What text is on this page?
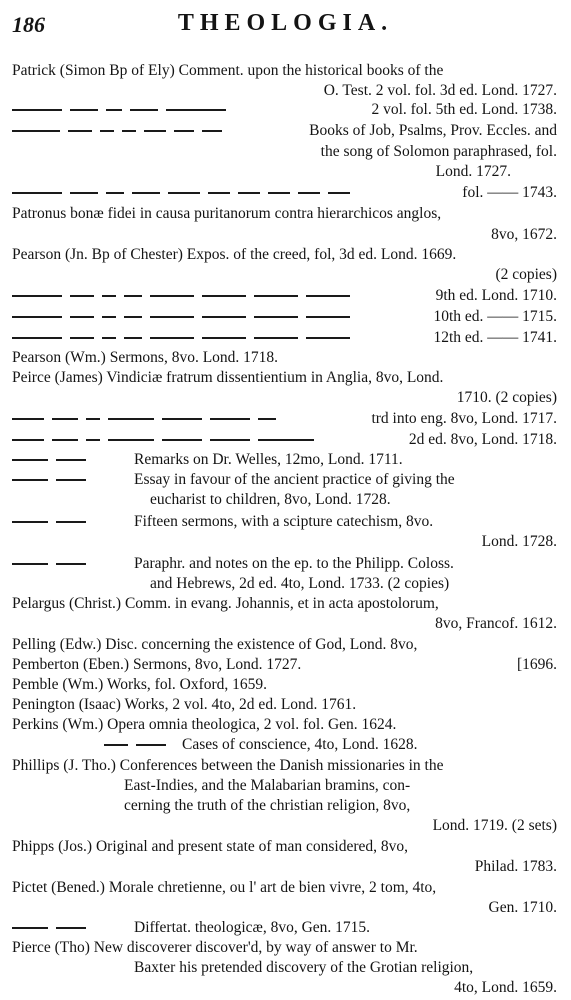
186	THEOLOGIA.
Patrick (Simon Bp of Ely) Comment. upon the historical books of the
O. Test. 2 vol. fol. 3d ed. Lond. 1727.
2 vol. fol. 5th ed. Lond. 1738.
Books of Job, Psalms, Prov. Eccles. and
the song of Solomon paraphrased, fol.
Lond. 1727.
fol. —— 1743.
Patronus bonæ fidei in causa puritanorum contra hierarchicos anglos,
8vo, 1672.
Pearson (Jn. Bp of Chester) Expos. of the creed, fol, 3d ed. Lond. 1669.
(2 copies)
9th ed. Lond. 1710.
10th ed. —— 1715.
12th ed. —— 1741.
Pearson (Wm.) Sermons, 8vo. Lond. 1718.
Peirce (James) Vindiciæ fratrum dissentientium in Anglia, 8vo, Lond.
1710. (2 copies)
trd into eng. 8vo, Lond. 1717.
2d ed. 8vo, Lond. 1718.
Remarks on Dr. Welles, 12mo, Lond. 1711.
Essay in favour of the ancient practice of giving the
eucharist to children, 8vo, Lond. 1728.
Fifteen sermons, with a scipture catechism, 8vo.
Lond. 1728.
Paraphr. and notes on the ep. to the Philipp. Coloss.
and Hebrews, 2d ed. 4to, Lond. 1733. (2 copies)
Pelargus (Christ.) Comm. in evang. Johannis, et in acta apostolorum,
8vo, Francof. 1612.
Pelling (Edw.) Disc. concerning the existence of God, Lond. 8vo,
Pemberton (Eben.) Sermons, 8vo, Lond. 1727.	[1696.
Pemble (Wm.) Works, fol. Oxford, 1659.
Penington (Isaac) Works, 2 vol. 4to, 2d ed. Lond. 1761.
Perkins (Wm.) Opera omnia theologica, 2 vol. fol. Gen. 1624.
Cases of conscience, 4to, Lond. 1628.
Phillips (J. Tho.) Conferences between the Danish missionaries in the
East-Indies, and the Malabarian bramins, con-
cerning the truth of the christian religion, 8vo,
Lond. 1719. (2 sets)
Phipps (Jos.) Original and present state of man considered, 8vo,
Philad. 1783.
Pictet (Bened.) Morale chretienne, ou l' art de bien vivre, 2 tom, 4to,
Gen. 1710.
Differtat. theologicæ, 8vo, Gen. 1715.
Pierce (Tho) New discoverer discover'd, by way of answer to Mr.
Baxter his pretended discovery of the Grotian religion,
4to, Lond. 1659.
